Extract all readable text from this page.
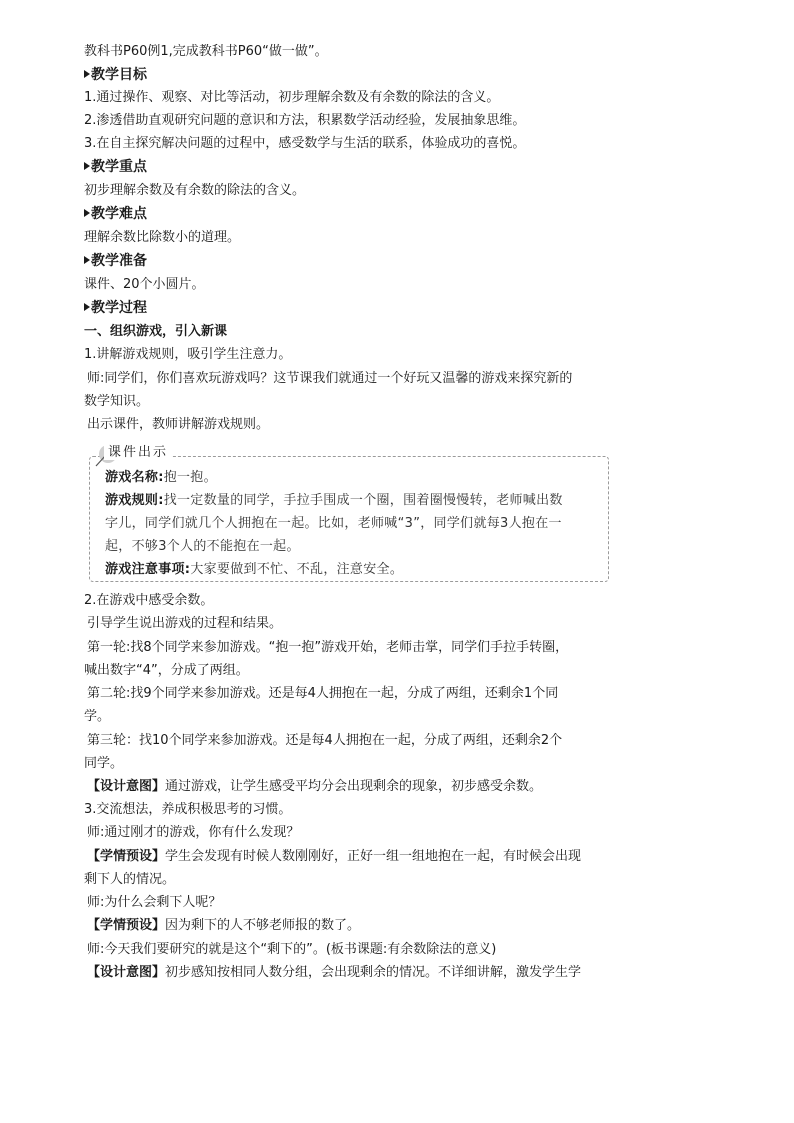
教科书P60例1,完成教科书P60“做一做”。
教学目标
1.通过操作、观察、对比等活动，初步理解余数及有余数的除法的含义。
2.渗透借助直观研究问题的意识和方法，积累数学活动经验，发展抽象思维。
3.在自主探究解决问题的过程中，感受数学与生活的联系，体验成功的喜悦。
教学重点
初步理解余数及有余数的除法的含义。
教学难点
理解余数比除数小的道理。
教学准备
课件、20个小圆片。
教学过程
一、组织游戏，引入新课
1.讲解游戏规则，吸引学生注意力。
师:同学们，你们喜欢玩游戏吗？这节课我们就通过一个好玩又温馨的游戏来探究新的
数学知识。
出示课件，教师讲解游戏规则。
课件出示
游戏名称:抱一抱。
游戏规则:找一定数量的同学，手拉手围成一个圈，围着圈慢慢转，老师喊出数
字儿，同学们就几个人拥抱在一起。比如，老师喊“3”，同学们就每3人抱在一
起，不够3个人的不能抱在一起。
游戏注意事项:大家要做到不忙、不乱，注意安全。
2.在游戏中感受余数。
引导学生说出游戏的过程和结果。
第一轮:找8个同学来参加游戏。“抱一抱”游戏开始，老师击掌，同学们手拉手转圈，
喊出数字“4”，分成了两组。
第二轮:找9个同学来参加游戏。还是每4人拥抱在一起，分成了两组，还剩余1个同
学。
第三轮：找10个同学来参加游戏。还是每4人拥抱在一起，分成了两组，还剩余2个
同学。
【设计意图】通过游戏，让学生感受平均分会出现剩余的现象，初步感受余数。
3.交流想法，养成积极思考的习惯。
师:通过刚才的游戏，你有什么发现？
【学情预设】学生会发现有时候人数刚刚好，正好一组一组地抱在一起，有时候会出现
剩下人的情况。
师:为什么会剩下人呢？
【学情预设】因为剩下的人不够老师报的数了。
师:今天我们要研究的就是这个“剩下的”。(板书课题:有余数除法的意义)
【设计意图】初步感知按相同人数分组，会出现剩余的情况。不详细讲解，激发学生学
